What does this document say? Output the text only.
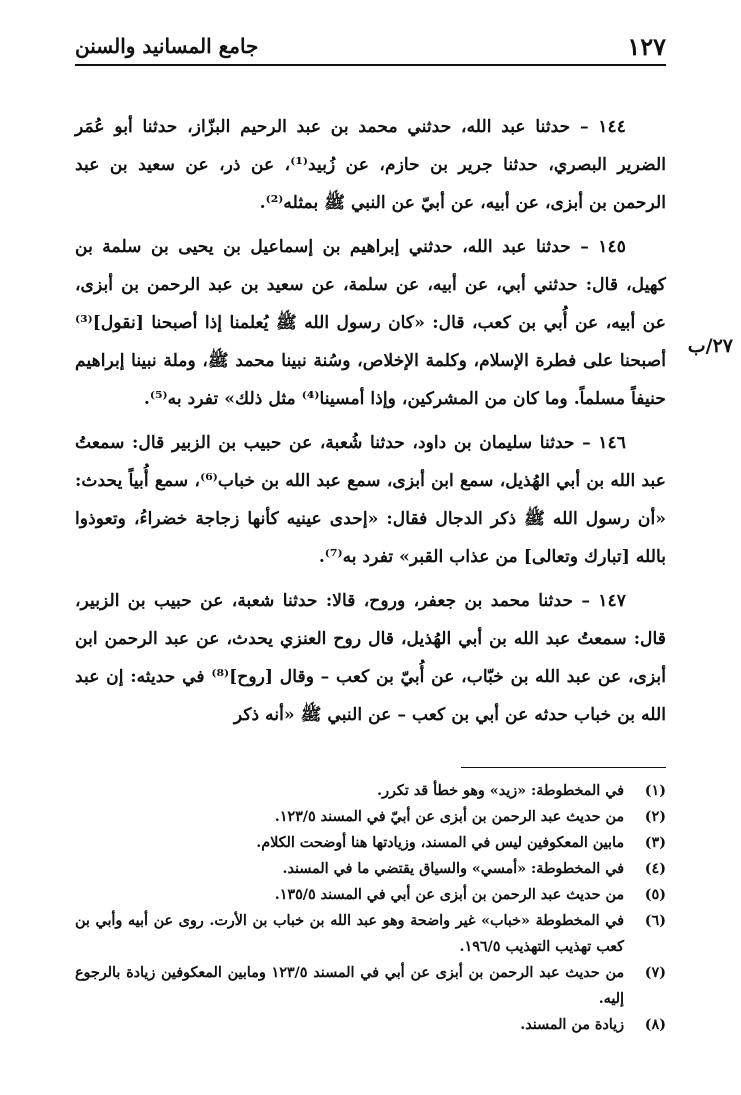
١٢٧
جامع المسانيد والسنن
٢٧/ب

١٤٤ – حدثنا عبد الله، حدثني محمد بن عبد الرحيم البزّاز، حدثنا أبو عُمَر الضرير البصري، حدثنا جرير بن حازم، عن زُبيد⁽¹⁾، عن ذر، عن سعيد بن عبد الرحمن بن أبزى، عن أبيه، عن أبيّ عن النبي ﷺ بمثله⁽²⁾.

١٤٥ – حدثنا عبد الله، حدثني إبراهيم بن إسماعيل بن يحيى بن سلمة بن كهيل، قال: حدثني أبي، عن أبيه، عن سلمة، عن سعيد بن عبد الرحمن بن أبزى، عن أبيه، عن أُبي بن كعب، قال: «كان رسول الله ﷺ يُعلمنا إذا أصبحنا [نقول]⁽³⁾ أصبحنا على فطرة الإسلام، وكلمة الإخلاص، وسُنة نبينا محمد ﷺ، وملة نبينا إبراهيم حنيفاً مسلماً. وما كان من المشركين، وإذا أمسينا⁽⁴⁾ مثل ذلك» تفرد به⁽⁵⁾.

١٤٦ – حدثنا سليمان بن داود، حدثنا شُعبة، عن حبيب بن الزبير قال: سمعتُ عبد الله بن أبي الهُذيل، سمع ابن أبزى، سمع عبد الله بن خباب⁽⁶⁾، سمع أُبياً يحدث: «أن رسول الله ﷺ ذكر الدجال فقال: «إحدى عينيه كأنها زجاجة خضراءُ، وتعوذوا بالله [تبارك وتعالى] من عذاب القبر» تفرد به⁽⁷⁾.

١٤٧ – حدثنا محمد بن جعفر، وروح، قالا: حدثنا شعبة، عن حبيب بن الزبير، قال: سمعتُ عبد الله بن أبي الهُذيل، قال روح العنزي يحدث، عن عبد الرحمن ابن أبزى، عن عبد الله بن خبّاب، عن أُبيّ بن كعب – وقال [روح]⁽⁸⁾ في حديثه: إن عبد الله بن خباب حدثه عن أبي بن كعب – عن النبي ﷺ «أنه ذكر

(١)
في المخطوطة: «زيد» وهو خطأ قد تكرر.
(٢)
من حديث عبد الرحمن بن أبزى عن أبيّ في المسند ١٢٣/٥.
(٣)
مابين المعكوفين ليس في المسند، وزيادتها هنا أوضحت الكلام.
(٤)
في المخطوطة: «أمسي» والسياق يقتضي ما في المسند.
(٥)
من حديث عبد الرحمن بن أبزى عن أبي في المسند ١٣٥/٥.
(٦)
في المخطوطة «خباب» غير واضحة وهو عبد الله بن خباب بن الأرت. روى عن أبيه وأبي بن كعب تهذيب التهذيب ١٩٦/٥.
(٧)
من حديث عبد الرحمن بن أبزى عن أبي في المسند ١٢٣/٥ ومابين المعكوفين زيادة بالرجوع إليه.
(٨)
زيادة من المسند.
